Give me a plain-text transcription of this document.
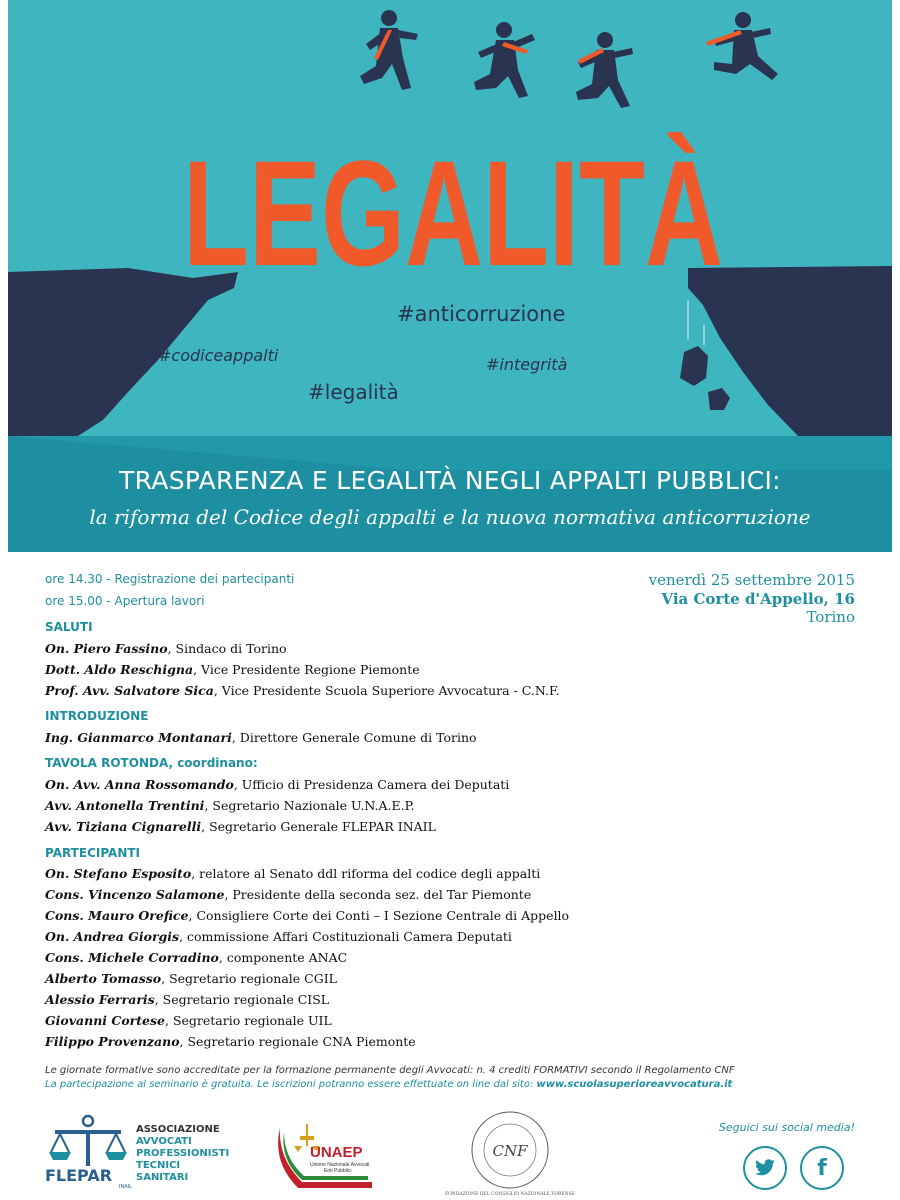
LEGALITÀ
#anticorruzione
#codiceappalti	#integrità
#legalità
TRASPARENZA E LEGALITÀ NEGLI APPALTI PUBBLICI:
la riforma del Codice degli appalti e la nuova normativa anticorruzione
ore 14.30 - Registrazione dei partecipanti
ore 15.00 - Apertura lavori
venerdì 25 settembre 2015
Via Corte d'Appello, 16
Torino
SALUTI
On. Piero Fassino, Sindaco di Torino
Dott. Aldo Reschigna, Vice Presidente Regione Piemonte
Prof. Avv. Salvatore Sica, Vice Presidente Scuola Superiore Avvocatura - C.N.F.
INTRODUZIONE
Ing. Gianmarco Montanari, Direttore Generale Comune di Torino
TAVOLA ROTONDA, coordinano:
On. Avv. Anna Rossomando, Ufficio di Presidenza Camera dei Deputati
Avv. Antonella Trentini, Segretario Nazionale U.N.A.E.P.
Avv. Tiziana Cignarelli, Segretario Generale FLEPAR INAIL
PARTECIPANTI
On. Stefano Esposito, relatore al Senato ddl riforma del codice degli appalti
Cons. Vincenzo Salamone, Presidente della seconda sez. del Tar Piemonte
Cons. Mauro Orefice, Consigliere Corte dei Conti – I Sezione Centrale di Appello
On. Andrea Giorgis, commissione Affari Costituzionali Camera Deputati
Cons. Michele Corradino, componente ANAC
Alberto Tomasso, Segretario regionale CGIL
Alessio Ferraris, Segretario regionale CISL
Giovanni Cortese, Segretario regionale UIL
Filippo Provenzano, Segretario regionale CNA Piemonte
Le giornate formative sono accreditate per la formazione permanente degli Avvocati: n. 4 crediti FORMATIVI secondo il Regolamento CNF
La partecipazione al seminario è gratuita. Le iscrizioni potranno essere effettuate on line dal sito: www.scuolasuperioreavvocatura.it
FLEPAR
INAIL
ASSOCIAZIONE
AVVOCATI
PROFESSIONISTI
TECNICI
SANITARI
UNAEP
Unione Nazionale Avvocati
Enti Pubblici
CNF
FONDAZIONE DEL CONSIGLIO NAZIONALE FORENSE
Seguici sui social media!
f
